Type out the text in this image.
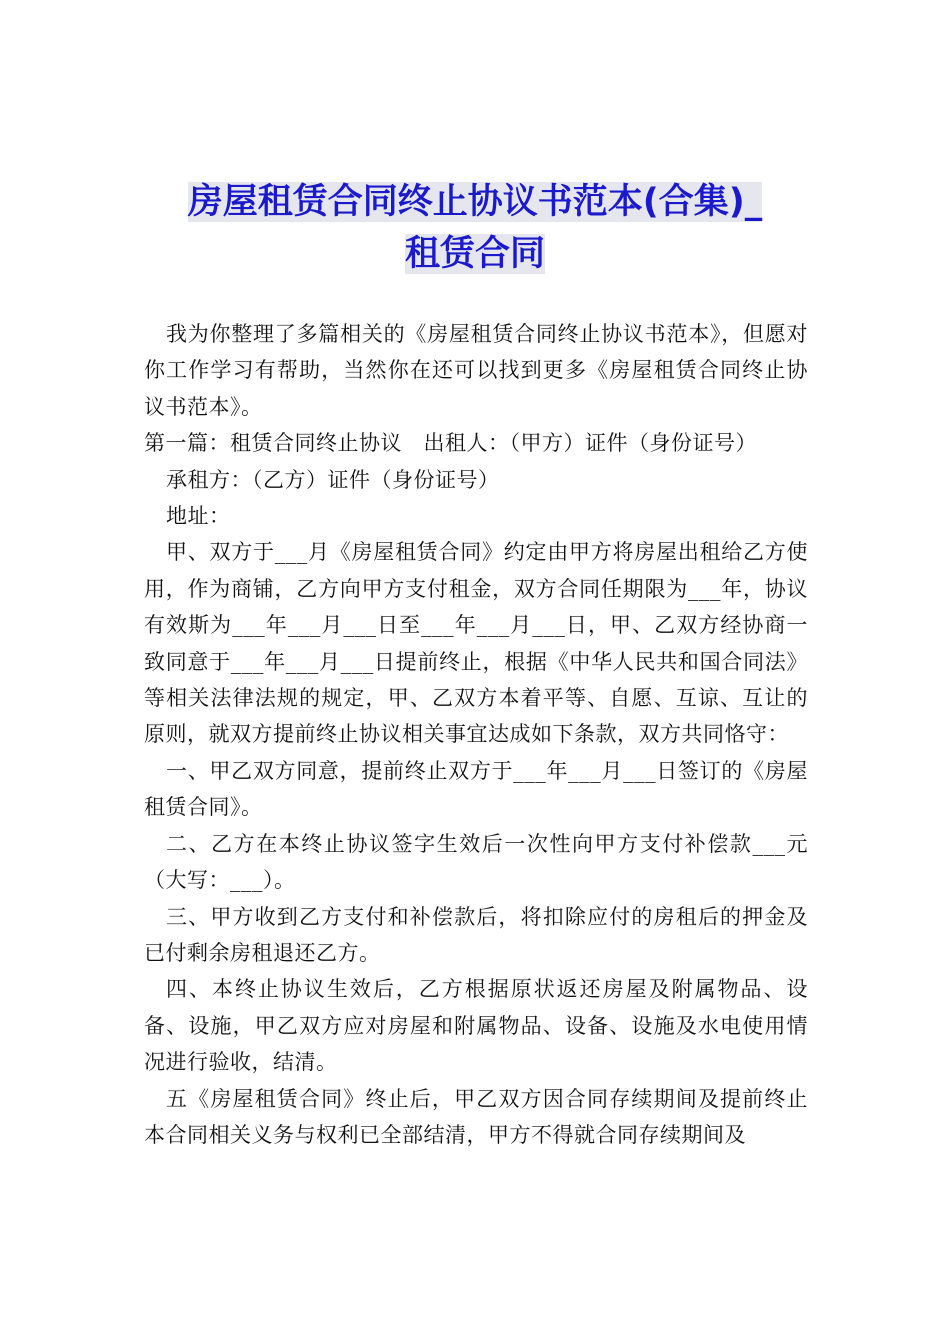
房屋租赁合同终止协议书范本(合集)_
租赁合同

我为你整理了多篇相关的《房屋租赁合同终止协议书范本》，但愿对你工作学习有帮助，当然你在还可以找到更多《房屋租赁合同终止协议书范本》。

第一篇：租赁合同终止协议　出租人：（甲方）证件（身份证号）

承租方：（乙方）证件（身份证号）

地址：

甲、双方于___月《房屋租赁合同》约定由甲方将房屋出租给乙方使用，作为商铺，乙方向甲方支付租金，双方合同任期限为___年，协议有效斯为___年___月___日至___年___月___日，甲、乙双方经协商一致同意于___年___月___日提前终止，根据《中华人民共和国合同法》等相关法律法规的规定，甲、乙双方本着平等、自愿、互谅、互让的原则，就双方提前终止协议相关事宜达成如下条款，双方共同恪守：

一、甲乙双方同意，提前终止双方于___年___月___日签订的《房屋租赁合同》。

二、乙方在本终止协议签字生效后一次性向甲方支付补偿款___元（大写：___）。

三、甲方收到乙方支付和补偿款后，将扣除应付的房租后的押金及已付剩余房租退还乙方。

四、本终止协议生效后，乙方根据原状返还房屋及附属物品、设备、设施，甲乙双方应对房屋和附属物品、设备、设施及水电使用情况进行验收，结清。

五《房屋租赁合同》终止后，甲乙双方因合同存续期间及提前终止本合同相关义务与权利已全部结清，甲方不得就合同存续期间及
